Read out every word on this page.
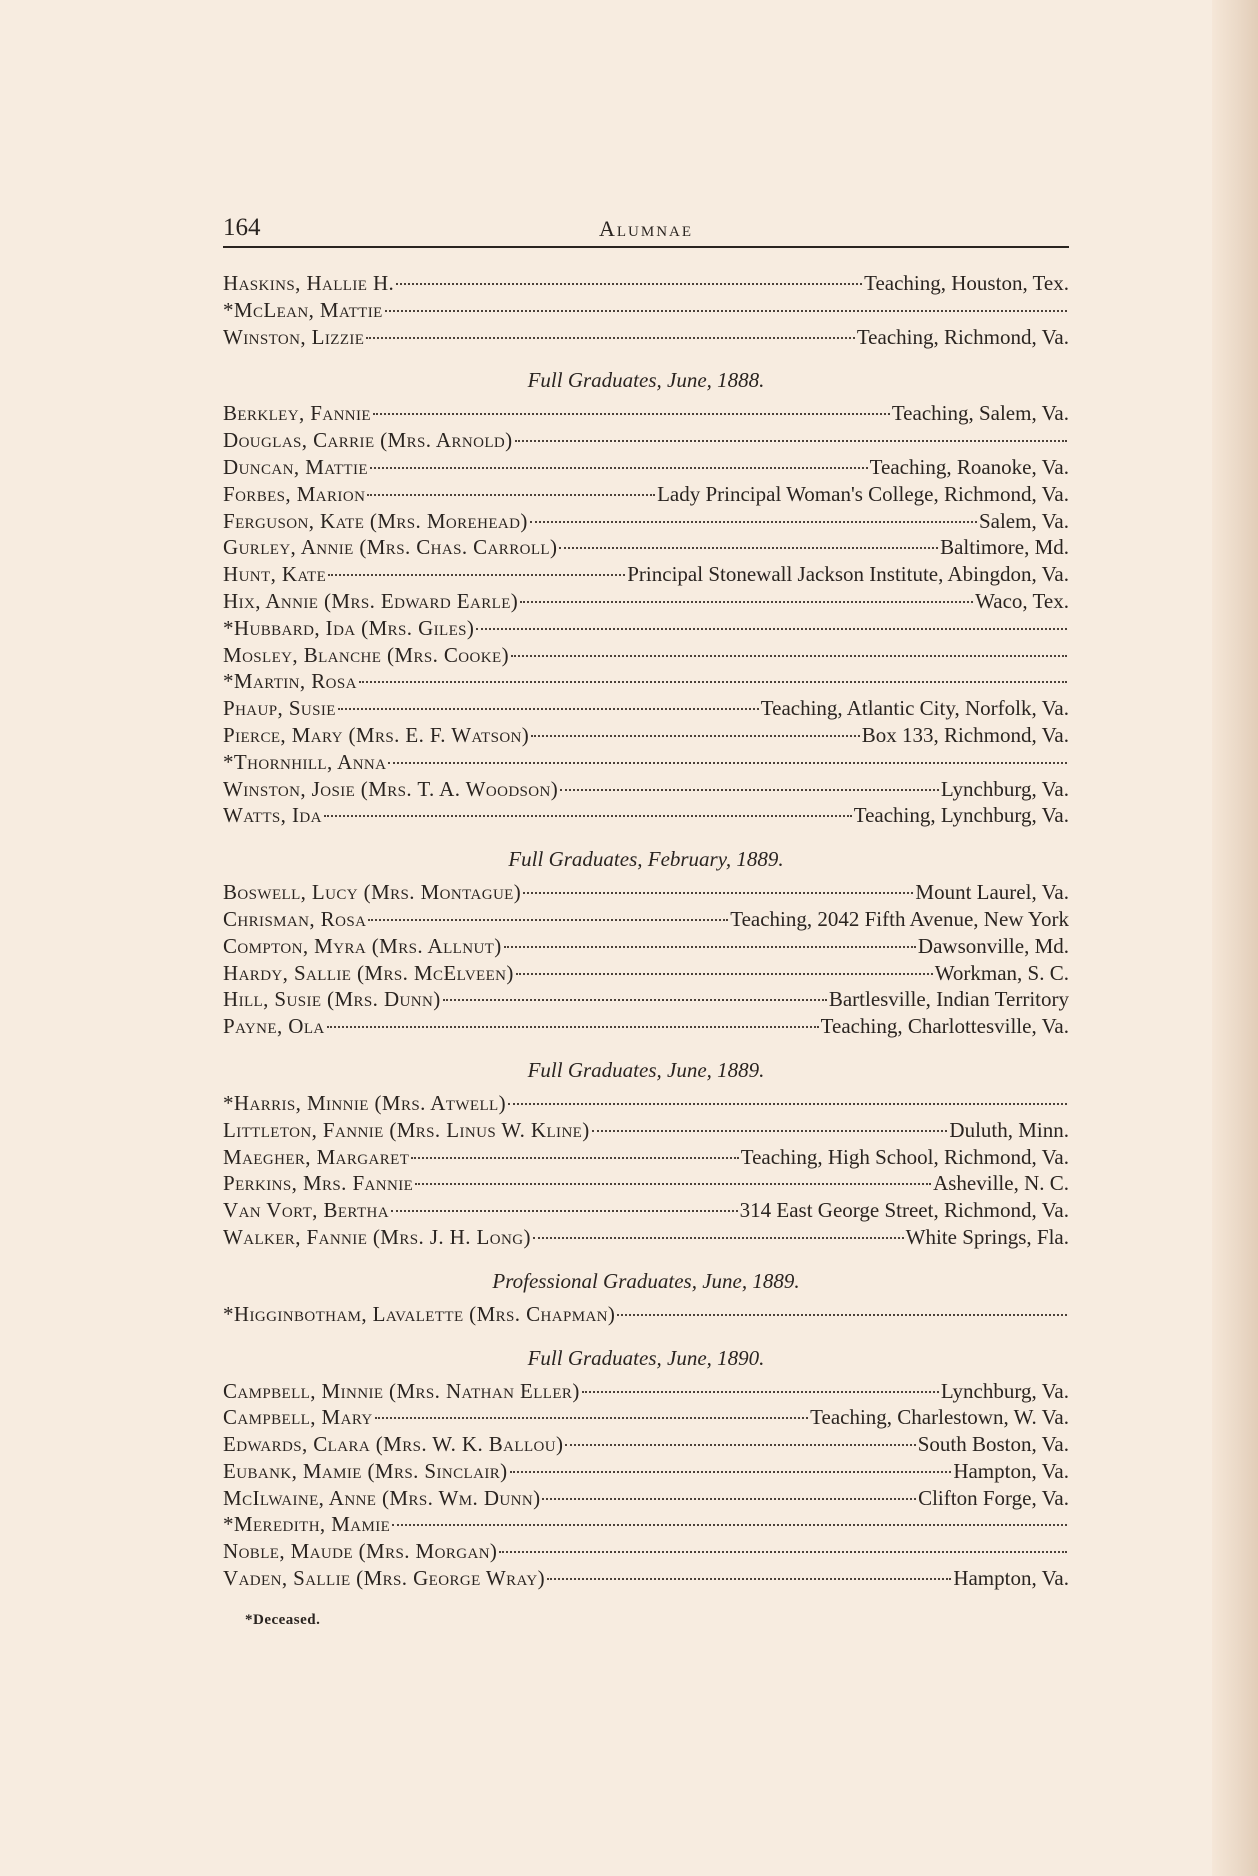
164	Alumnae
Haskins, Hallie H.	Teaching, Houston, Tex.
*McLean, Mattie
Winston, Lizzie	Teaching, Richmond, Va.
Full Graduates, June, 1888.
Berkley, Fannie	Teaching, Salem, Va.
Douglas, Carrie (Mrs. Arnold)
Duncan, Mattie	Teaching, Roanoke, Va.
Forbes, Marion	Lady Principal Woman's College, Richmond, Va.
Ferguson, Kate (Mrs. Morehead)	Salem, Va.
Gurley, Annie (Mrs. Chas. Carroll)	Baltimore, Md.
Hunt, Kate	Principal Stonewall Jackson Institute, Abingdon, Va.
Hix, Annie (Mrs. Edward Earle)	Waco, Tex.
*Hubbard, Ida (Mrs. Giles)
Mosley, Blanche (Mrs. Cooke)
*Martin, Rosa
Phaup, Susie	Teaching, Atlantic City, Norfolk, Va.
Pierce, Mary (Mrs. E. F. Watson)	Box 133, Richmond, Va.
*Thornhill, Anna
Winston, Josie (Mrs. T. A. Woodson)	Lynchburg, Va.
Watts, Ida	Teaching, Lynchburg, Va.
Full Graduates, February, 1889.
Boswell, Lucy (Mrs. Montague)	Mount Laurel, Va.
Chrisman, Rosa	Teaching, 2042 Fifth Avenue, New York
Compton, Myra (Mrs. Allnut)	Dawsonville, Md.
Hardy, Sallie (Mrs. McElveen)	Workman, S. C.
Hill, Susie (Mrs. Dunn)	Bartlesville, Indian Territory
Payne, Ola	Teaching, Charlottesville, Va.
Full Graduates, June, 1889.
*Harris, Minnie (Mrs. Atwell)
Littleton, Fannie (Mrs. Linus W. Kline)	Duluth, Minn.
Maegher, Margaret	Teaching, High School, Richmond, Va.
Perkins, Mrs. Fannie	Asheville, N. C.
Van Vort, Bertha	314 East George Street, Richmond, Va.
Walker, Fannie (Mrs. J. H. Long)	White Springs, Fla.
Professional Graduates, June, 1889.
*Higginbotham, Lavalette (Mrs. Chapman)
Full Graduates, June, 1890.
Campbell, Minnie (Mrs. Nathan Eller)	Lynchburg, Va.
Campbell, Mary	Teaching, Charlestown, W. Va.
Edwards, Clara (Mrs. W. K. Ballou)	South Boston, Va.
Eubank, Mamie (Mrs. Sinclair)	Hampton, Va.
McIlwaine, Anne (Mrs. Wm. Dunn)	Clifton Forge, Va.
*Meredith, Mamie
Noble, Maude (Mrs. Morgan)
Vaden, Sallie (Mrs. George Wray)	Hampton, Va.
*Deceased.
